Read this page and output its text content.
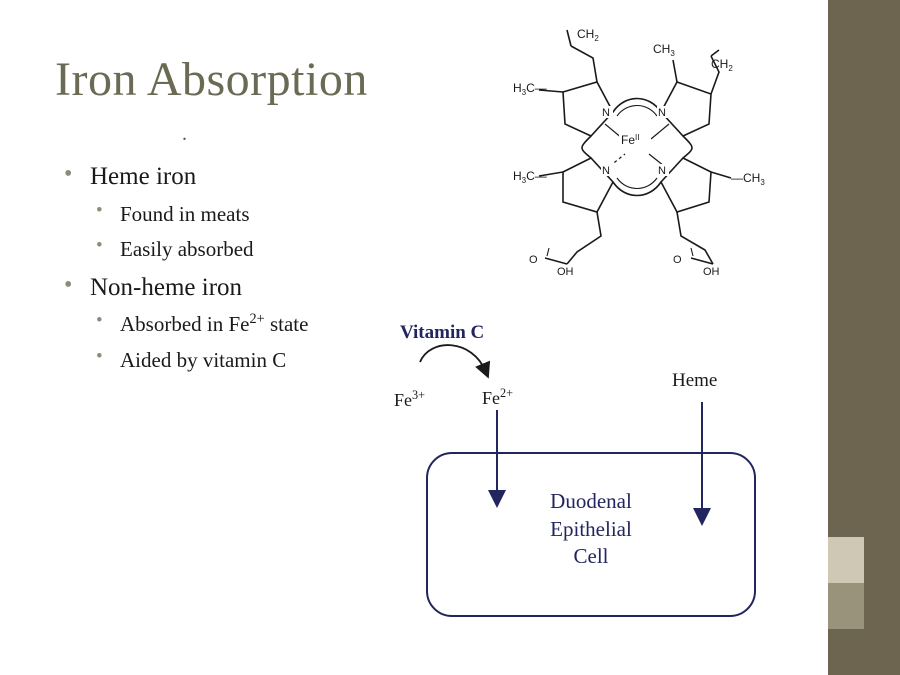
Iron Absorption
.

• Heme iron

• Found in meats

• Easily absorbed

• Non-heme iron

• Absorbed in $Fe^{2+}$ state

• Aided by vitamin C

$CH_2$
$CH_3$
$CH_2$
$H_3C—$
$H_3C—$	$—CH_3$
N	N
N	N
$Fe^{II}$
O
OH
O
OH
Vitamin C
$Fe^{3+}$	$Fe^{2+}$
Heme
Duodenal
Epithelial
Cell
